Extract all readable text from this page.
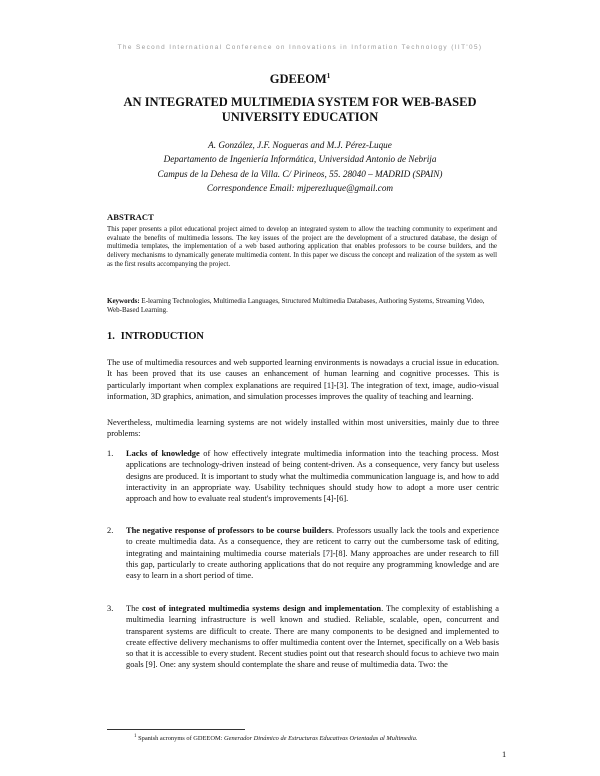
The Second International Conference on Innovations in Information Technology (IIT'05)
GDEEOM$^1$
AN INTEGRATED MULTIMEDIA SYSTEM FOR WEB-BASED
UNIVERSITY EDUCATION
A. González, J.F. Nogueras and M.J. Pérez-Luque
Departamento de Ingeniería Informática, Universidad Antonio de Nebrija
Campus de la Dehesa de la Villa. C/ Pirineos, 55. 28040 – MADRID (SPAIN)
Correspondence Email: mjperezluque@gmail.com
ABSTRACT
This paper presents a pilot educational project aimed to develop an integrated system to allow the teaching community to experiment and evaluate the benefits of multimedia lessons. The key issues of the project are the development of a structured database, the design of multimedia templates, the implementation of a web based authoring application that enables professors to be course builders, and the delivery mechanisms to dynamically generate multimedia content. In this paper we discuss the concept and realization of the system as well as the first results accompanying the project.
Keywords: E-learning Technologies, Multimedia Languages, Structured Multimedia Databases, Authoring Systems, Streaming Video, Web-Based Learning.
1. INTRODUCTION
The use of multimedia resources and web supported learning environments is nowadays a crucial issue in education. It has been proved that its use causes an enhancement of human learning and cognitive processes. This is particularly important when complex explanations are required [1]-[3]. The integration of text, image, audio-visual information, 3D graphics, animation, and simulation processes improves the quality of teaching and learning.
Nevertheless, multimedia learning systems are not widely installed within most universities, mainly due to three problems:
1. Lacks of knowledge of how effectively integrate multimedia information into the teaching process. Most applications are technology-driven instead of being content-driven. As a consequence, very fancy but useless designs are produced. It is important to study what the multimedia communication language is, and how to add interactivity in an appropriate way. Usability techniques should study how to adopt a more user centric approach and how to evaluate real student's improvements [4]-[6].
2. The negative response of professors to be course builders. Professors usually lack the tools and experience to create multimedia data. As a consequence, they are reticent to carry out the cumbersome task of editing, integrating and maintaining multimedia course materials [7]-[8]. Many approaches are under research to fill this gap, particularly to create authoring applications that do not require any programming knowledge and are easy to learn in a short period of time.
3. The cost of integrated multimedia systems design and implementation. The complexity of establishing a multimedia learning infrastructure is well known and studied. Reliable, scalable, open, concurrent and transparent systems are difficult to create. There are many components to be designed and implemented to create effective delivery mechanisms to offer multimedia content over the Internet, specifically on a Web basis so that it is accessible to every student. Recent studies point out that research should focus to achieve two main goals [9]. One: any system should contemplate the share and reuse of multimedia data. Two: the
$^1$ Spanish acronyms of GDEEOM: Generador Dinámico de Estructuras Educativas Orientadas al Multimedia.
1
